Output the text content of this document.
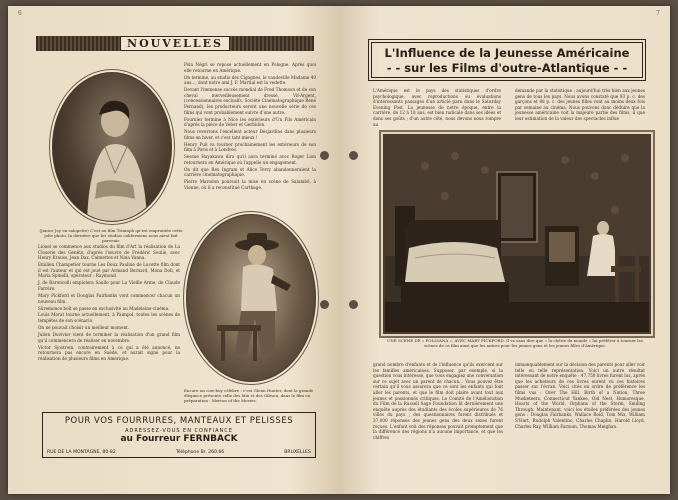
6
NOUVELLES
(Janice Joy en salopette) C'est au film Triumph qu'est empruntée cette jolie photo, la dernière que les studios californiens nous aient fait parvenir.

Pola Négri se repose actuellement en Pologne. Après quoi elle retourne en Amérique.

On termine, au studio des Cigognes, le vaudeville Madame 40 ans..., dont notre ami J. F. Martial est la vedette.

Devant l'immense succès mondial de Fred Thomson et de son cheval merveilleusement dressé, Vif-Argent, (concessionnaires exclusifs, Société Cinématographique René Fernand), les producteurs seront une nouvelle série de ces films qui vont probablement suivre d'une autre.

Fournier termine à Nice les extérieurs d'Un Fils Américain d'après la pièce de Veber et Gerbidon.

Nous reverrons l'excellent acteur Desjardins dans plusieurs films en hiver, et c'est tant mieux !

Henry Puil va tourner prochainement les extérieurs de son film à Paris et à Londres.

Sessue Hayakawa dira qu'il aura terminé avec Roger Lion retournera en Amérique où l'appelle un engagement.

On dit que Rex Ingram et Alice Terry abandonneraient la carrière cinématographique.

Pierre Marodon poursuit la mise en scène de Salambô, à Vienne, où il a reconstitué Carthage.

Lionel se commence aux studios du film d'Art la réalisation de La Closerie des Genêts, d'après l'œuvre de Frédéric Soulié, avec Henry Krauss, Jean Dax, Calmettes et Nina Vanna.

Emilien Champetier tourne Les Deux Pauline de Lucette film dont il est l'auteur et qui est joué par Armand Bernard, Mona Doll, et Maria Spinelli, opérateur : Raymond.

J. de Baroncelli emploiera Saulle pour La Vieille Arme, de Claude Farrère.

Mary Pickford et Douglas Fairbanks vont commencer chacun un nouveau film.

Sûremonce boît se passe en exclusivité au Madeleine-cinéma.

Louis Morat tourne actuellement, à Paimpol, toutes les scènes de tempêtes de son scénario.

On ne pouvait choisir un meilleur moment.

Julien Duvivier vient de terminer la réalisation d'un grand film qu'il commencera de réaliser en novembre.

Victor Sjostrom, contrairement à ce qui a été annoncé, ne retournera pas encore en Suède, et aurait signé pour la réalisation de plusieurs films en Amérique.

Encore un cow-boy célèbre : c'est Glenn Hunter, dont la grande élégance présente celle des Mix et des Gibson, dans le film en préparation : Merton of the Movies.
POUR VOS FOURRURES, MANTEAUX ET PELISSES
ADRESSEZ-VOUS EN CONFIANCE
au Fourreur FERNBACK
RUE DE LA MONTAGNE, 80-82	Téléphone Br. 260.66	BRUXELLES
7
L'Influence de la Jeunesse Américaine
- - sur les Films d'outre-Atlantique - -
L'Amérique est le pays des statistiques d'ordre psychologique, avec reproductions ou évaluations d'intéressants passages d'un article paru dans le Saturday Evening Post. La jeunesse de notre époque, entre la carrière, de 12 à 18 ans, est bien radicale dans ses idées et dans ses goûts ; d'un autre côté, nous devons nous rompre au
demande par la statistique : aujourd'hui très bien aux jeunes gens de tous les pays. Nous avons constaté que 83 p. c. des garçons et 88 p. c. des jeunes filles vont au moins deux fois par semaine au cinéma. Nous pouvons donc déduire que la jeunesse américaine voit la majeure partie des films, il que leur estimation de la valeur des spectacles influe
UNE SCÈNE DE « POLLYANA », AVEC MARY PICKFORD. Il va sans dire que « la chérie du monde » lui préférer à tourner les scènes de ce film ainsi que les autres pour les jeunes gens et les jeunes filles d'Amérique.
grand nombre d'enfants et de l'influence qu'ils exercent sur les familles américaines. Supposer, par exemple, si la question vous intéresse, que vous engagiez une conversation sur ce sujet avec un parent de chacun... Vous pouvez être certain qu'il vous assurera que ce sont les enfants qui font aller les parents, et que le film doit plaire avant tout aux jeunes et passionnés critiques. Le Comité de l'Amélioration du Film de la Russell Sage Foundation lit dernièrement une enquête auprès des étudiants des écoles supérieures de 76 villes du pays ; des questionnaires furent distribués et 37,000 réponses des jeunes gens des deux sexes furent reçues. L'enfant voit des réponses pouvait promptement que la différence des régions n'a aucune importance, et que les chiffres
immanquablement sur la décision des parents pour aller voir telle ou telle représentation. Voici un autre résultat intéressant de notre enquête : 47,750 livres furent lus, après que les acheteurs de ces livres eurent vu ces histoires passer sur l'écran. Voici cités en ordre de préférence les films vus : Over The Hill, Birth of a Nation, Three Musketeers, Connecticut Yankee, Old Nest, Humoresque, Hearts of the World, Orphans of the Storm, Smiling Through. Maintenant, voici les étoiles préférées des jeunes gens : Douglas Fairbanks, Wallace Reid, Tom Mix, William S'Hart, Rudolph Valentino, Charles Chaplin, Harold Lloyd, Charles Ray, William Farnum, Thomas Meighan.
